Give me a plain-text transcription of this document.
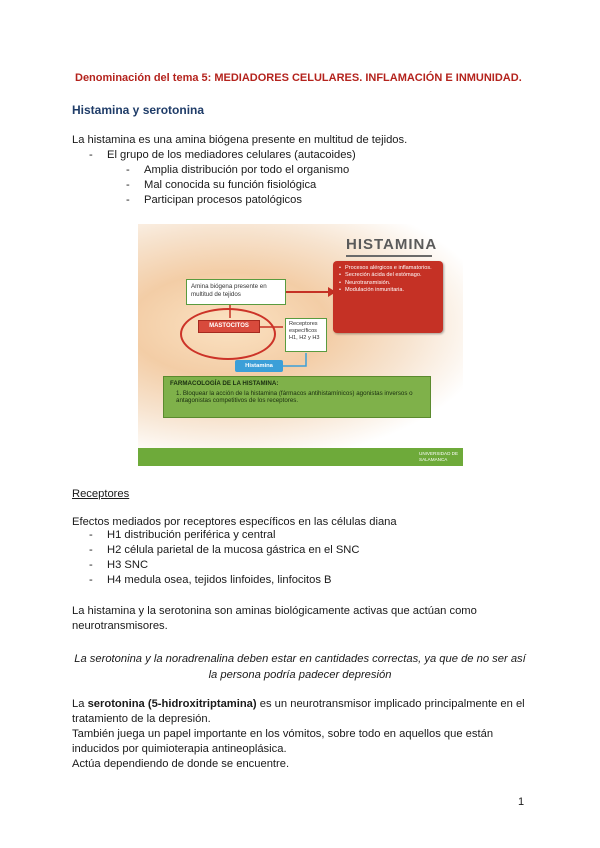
Denominación del tema 5: MEDIADORES CELULARES. INFLAMACIÓN E INMUNIDAD.
Histamina y serotonina
La histamina es una amina biógena presente en multitud de tejidos.
- El grupo de los mediadores celulares (autacoides)
- Amplia distribución por todo el organismo
- Mal conocida su función fisiológica
- Participan procesos patológicos
HISTAMINA
• Procesos alérgicos e inflamatorios.
• Secreción ácida del estómago.
• Neurotransmisión.
• Modulación inmunitaria.
Amina biógena presente en multitud de tejidos
MASTOCITOS	Receptores específicos H1, H2 y H3
Histamina
FARMACOLOGÍA DE LA HISTAMINA:
1. Bloquear la acción de la histamina (fármacos antihistamínicos) agonistas inversos o antagonistas competitivos de los receptores.
UNIVERSIDAD DE SALAMANCA
Receptores
Efectos mediados por receptores específicos en las células diana
- H1 distribución periférica y central
- H2 célula parietal de la mucosa gástrica en el SNC
- H3 SNC
- H4 medula osea, tejidos linfoides, linfocitos B
La histamina y la serotonina son aminas biológicamente activas que actúan como neurotransmisores.
La serotonina y la noradrenalina deben estar en cantidades correctas, ya que de no ser así la persona podría padecer depresión
La serotonina (5-hidroxitriptamina) es un neurotransmisor implicado principalmente en el tratamiento de la depresión.
También juega un papel importante en los vómitos, sobre todo en aquellos que están inducidos por quimioterapia antineoplásica.
Actúa dependiendo de donde se encuentre.
1
